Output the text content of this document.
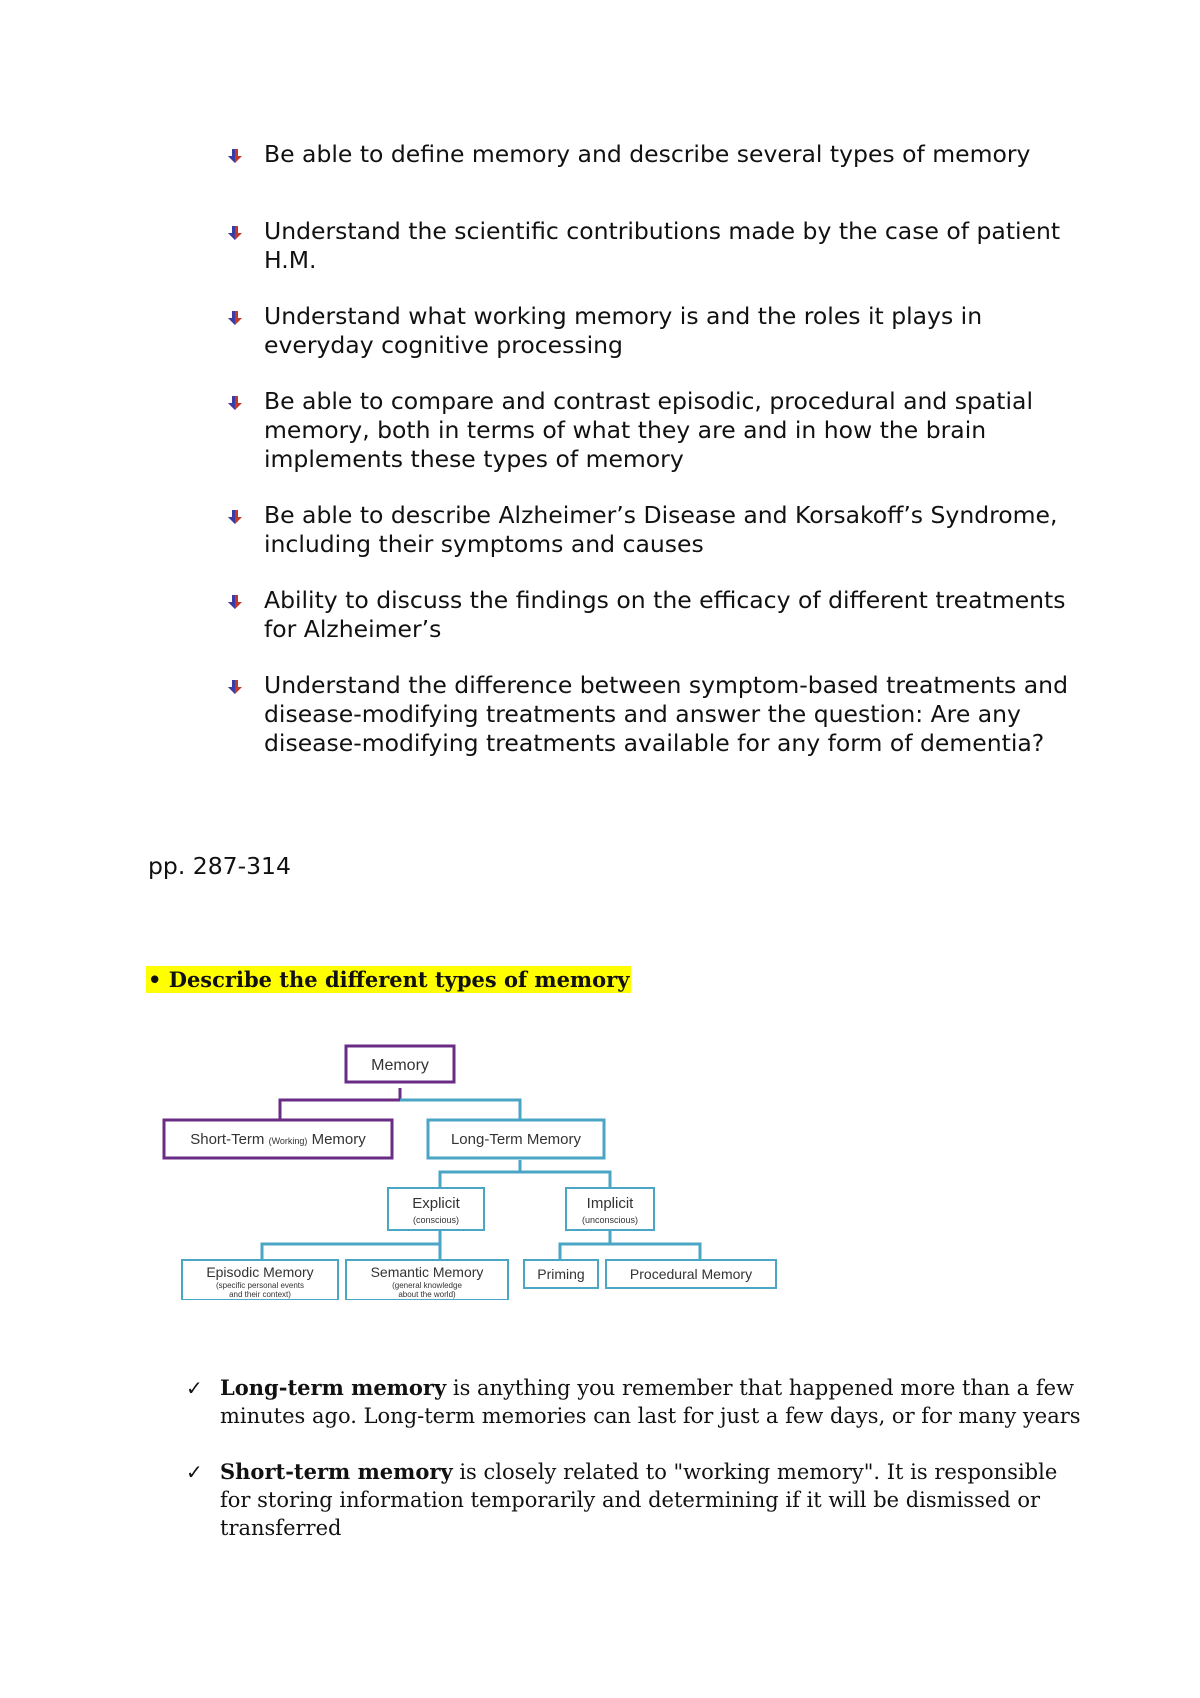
Be able to define memory and describe several types of memory
Understand the scientific contributions made by the case of patient H.M.
Understand what working memory is and the roles it plays in everyday cognitive processing
Be able to compare and contrast episodic, procedural and spatial memory, both in terms of what they are and in how the brain implements these types of memory
Be able to describe Alzheimer’s Disease and Korsakoff’s Syndrome, including their symptoms and causes
Ability to discuss the findings on the efficacy of different treatments for Alzheimer’s
Understand the difference between symptom-based treatments and disease-modifying treatments and answer the question: Are any disease-modifying treatments available for any form of dementia?
pp. 287-314
• Describe the different types of memory
Memory
Short-Term (Working) Memory	Long-Term Memory
Explicit
(conscious)
Implicit
(unconscious)
Episodic Memory
(specific personal events
and their context)
Semantic Memory
(general knowledge
about the world)
Priming	Procedural Memory
✓ Long-term memory is anything you remember that happened more than a few minutes ago. Long-term memories can last for just a few days, or for many years
✓ Short-term memory is closely related to "working memory". It is responsible for storing information temporarily and determining if it will be dismissed or transferred
